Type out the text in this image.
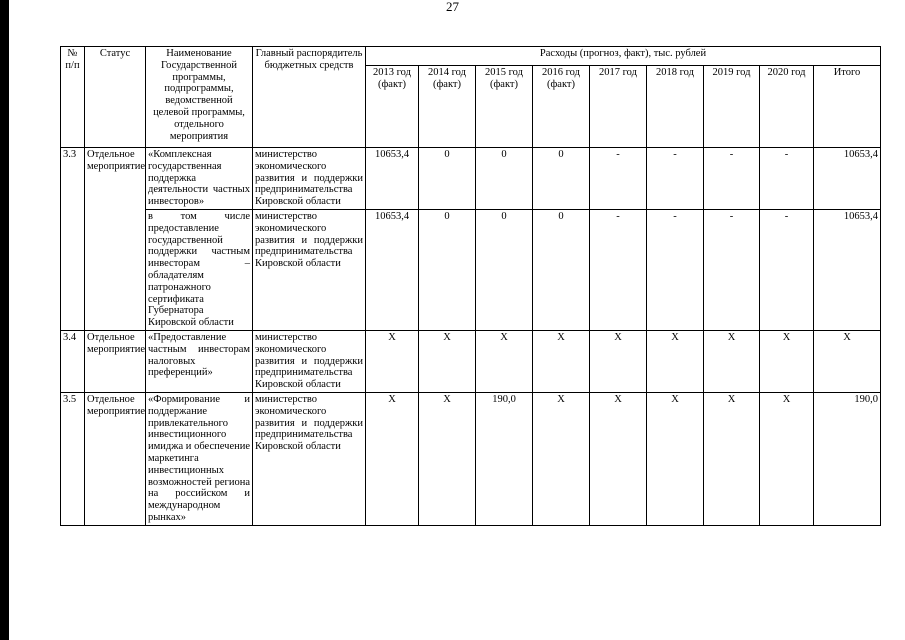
27
№ п/п	Статус	Наименование Государственной программы, подпрограммы, ведомственной целевой программы, отдельного мероприятия	Главный распорядитель бюджетных средств	Расходы (прогноз, факт), тыс. рублей								
				2013 год (факт)	2014 год (факт)	2015 год (факт)	2016 год (факт)	2017 год	2018 год	2019 год	2020 год	Итого
3.3	Отдельное мероприятие	«Комплексная государственная поддержка деятельности частных инвесторов»	министерство экономического развития и поддержки предпринимательства Кировской области	10653,4	0	0	0	-	-	-	-	10653,4
		в том числе предоставление государственной поддержки частным инвесторам – обладателям патронажного сертификата Губернатора Кировской области	министерство экономического развития и поддержки предпринимательства Кировской области	10653,4	0	0	0	-	-	-	-	10653,4
3.4	Отдельное мероприятие	«Предоставление частным инвесторам налоговых преференций»	министерство экономического развития и поддержки предпринимательства Кировской области	X	X	X	X	X	X	X	X	X
3.5	Отдельное мероприятие	«Формирование и поддержание привлекательного инвестиционного имиджа и обеспечение маркетинга инвестиционных возможностей региона на российском и международном рынках»	министерство экономического развития и поддержки предпринимательства Кировской области	X	X	190,0	X	X	X	X	X	190,0
